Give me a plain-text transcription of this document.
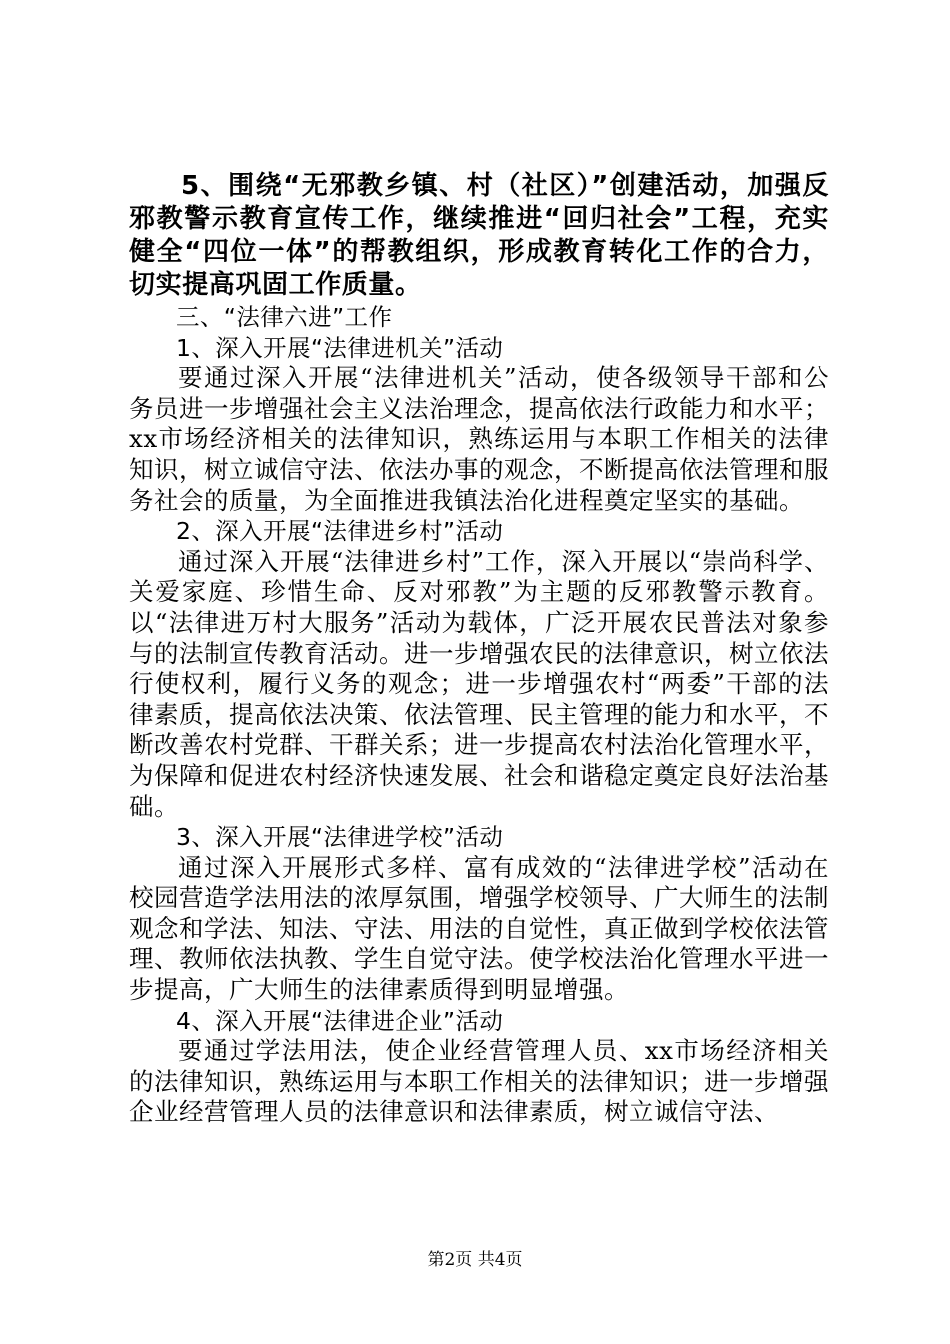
5、围绕“无邪教乡镇、村（社区）”创建活动，加强反邪教警示教育宣传工作，继续推进“回归社会”工程，充实健全“四位一体”的帮教组织，形成教育转化工作的合力，切实提高巩固工作质量。

三、“法律六进”工作

1、深入开展“法律进机关”活动

要通过深入开展“法律进机关”活动，使各级领导干部和公务员进一步增强社会主义法治理念，提高依法行政能力和水平；xx市场经济相关的法律知识，熟练运用与本职工作相关的法律知识，树立诚信守法、依法办事的观念，不断提高依法管理和服务社会的质量，为全面推进我镇法治化进程奠定坚实的基础。

2、深入开展“法律进乡村”活动

通过深入开展“法律进乡村”工作，深入开展以“崇尚科学、关爱家庭、珍惜生命、反对邪教”为主题的反邪教警示教育。以“法律进万村大服务”活动为载体，广泛开展农民普法对象参与的法制宣传教育活动。进一步增强农民的法律意识，树立依法行使权利，履行义务的观念；进一步增强农村“两委”干部的法律素质，提高依法决策、依法管理、民主管理的能力和水平，不断改善农村党群、干群关系；进一步提高农村法治化管理水平，为保障和促进农村经济快速发展、社会和谐稳定奠定良好法治基础。

3、深入开展“法律进学校”活动

通过深入开展形式多样、富有成效的“法律进学校”活动在校园营造学法用法的浓厚氛围，增强学校领导、广大师生的法制观念和学法、知法、守法、用法的自觉性，真正做到学校依法管理、教师依法执教、学生自觉守法。使学校法治化管理水平进一步提高，广大师生的法律素质得到明显增强。

4、深入开展“法律进企业”活动

要通过学法用法，使企业经营管理人员、xx市场经济相关的法律知识，熟练运用与本职工作相关的法律知识；进一步增强企业经营管理人员的法律意识和法律素质，树立诚信守法、

第2页 共4页
